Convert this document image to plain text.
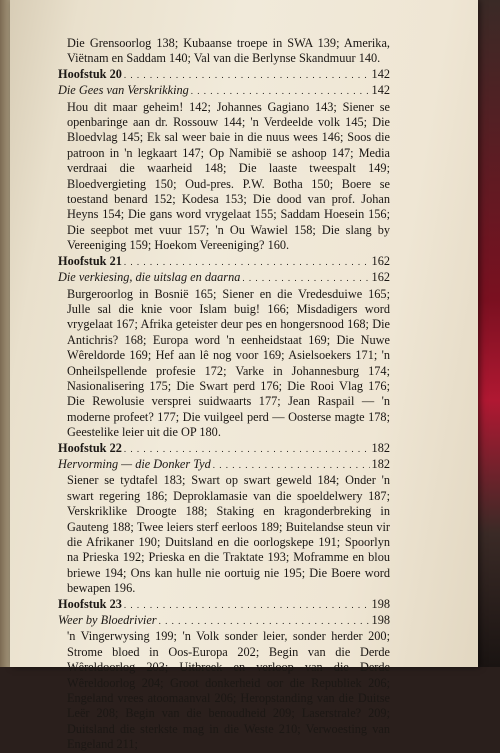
Die Grensoorlog 138; Kubaanse troepe in SWA 139; Amerika, Viëtnam en Saddam 140; Val van die Berlynse Skandmuur 140.

Hoofstuk 20 . . .	142
Die Gees van Verskrikking . . .	142

Hou dit maar geheim! 142; Johannes Gagiano 143; Siener se openbaringe aan dr. Rossouw 144; 'n Verdeelde volk 145; Die Bloedvlag 145; Ek sal weer baie in die nuus wees 146; Soos die patroon in 'n legkaart 147; Op Namibië se ashoop 147; Media verdraai die waarheid 148; Die laaste tweespalt 149; Bloedvergieting 150; Oud-pres. P.W. Botha 150; Boere se toestand benard 152; Kodesa 153; Die dood van prof. Johan Heyns 154; Die gans word vrygelaat 155; Saddam Hoesein 156; Die seepbot met vuur 157; 'n Ou Wawiel 158; Die slang by Vereeniging 159; Hoekom Vereeniging? 160.

Hoofstuk 21 . . .	162
Die verkiesing, die uitslag en daarna . . .	162

Burgeroorlog in Bosnië 165; Siener en die Vredesduiwe 165; Julle sal die knie voor Islam buig! 166; Misdadigers word vrygelaat 167; Afrika geteister deur pes en hongersnood 168; Die Antichris? 168; Europa word 'n eenheidstaat 169; Die Nuwe Wêreldorde 169; Hef aan lê nog voor 169; Asielsoekers 171; 'n Onheilspellende profesie 172; Varke in Johannesburg 174; Nasionalisering 175; Die Swart perd 176; Die Rooi Vlag 176; Die Rewolusie versprei suidwaarts 177; Jean Raspail — 'n moderne profeet? 177; Die vuilgeel perd — Oosterse magte 178; Geestelike leier uit die OP 180.

Hoofstuk 22 . . .	182
Hervorming — die Donker Tyd . . .	182

Siener se tydtafel 183; Swart op swart geweld 184; Onder 'n swart regering 186; Deproklamasie van die spoeldelwery 187; Verskriklike Droogte 188; Staking en kragonderbreking in Gauteng 188; Twee leiers sterf eerloos 189; Buitelandse steun vir die Afrikaner 190; Duitsland en die oorlogskepe 191; Spoorlyn na Prieska 192; Prieska en die Traktate 193; Moframme en blou briewe 194; Ons kan hulle nie oortuig nie 195; Die Boere word bewapen 196.

Hoofstuk 23 . . .	198
Weer by Bloedrivier . . .	198

'n Vingerwysing 199; 'n Volk sonder leier, sonder herder 200; Strome bloed in Oos-Europa 202; Begin van die Derde Wêreldoorlog 203; Uitbreek en verloop van die Derde Wêreldoorlog 204; Groot donkerheid oor die Republiek 206; Engeland vrees atoomaanval 206; Heropstanding van die Duitse Leër 208; Begin van die benoudheid 209; Laserstrale? 209; Duitsland die sterkste mag in die Weste 210; Verwoesting van Engeland 211;
